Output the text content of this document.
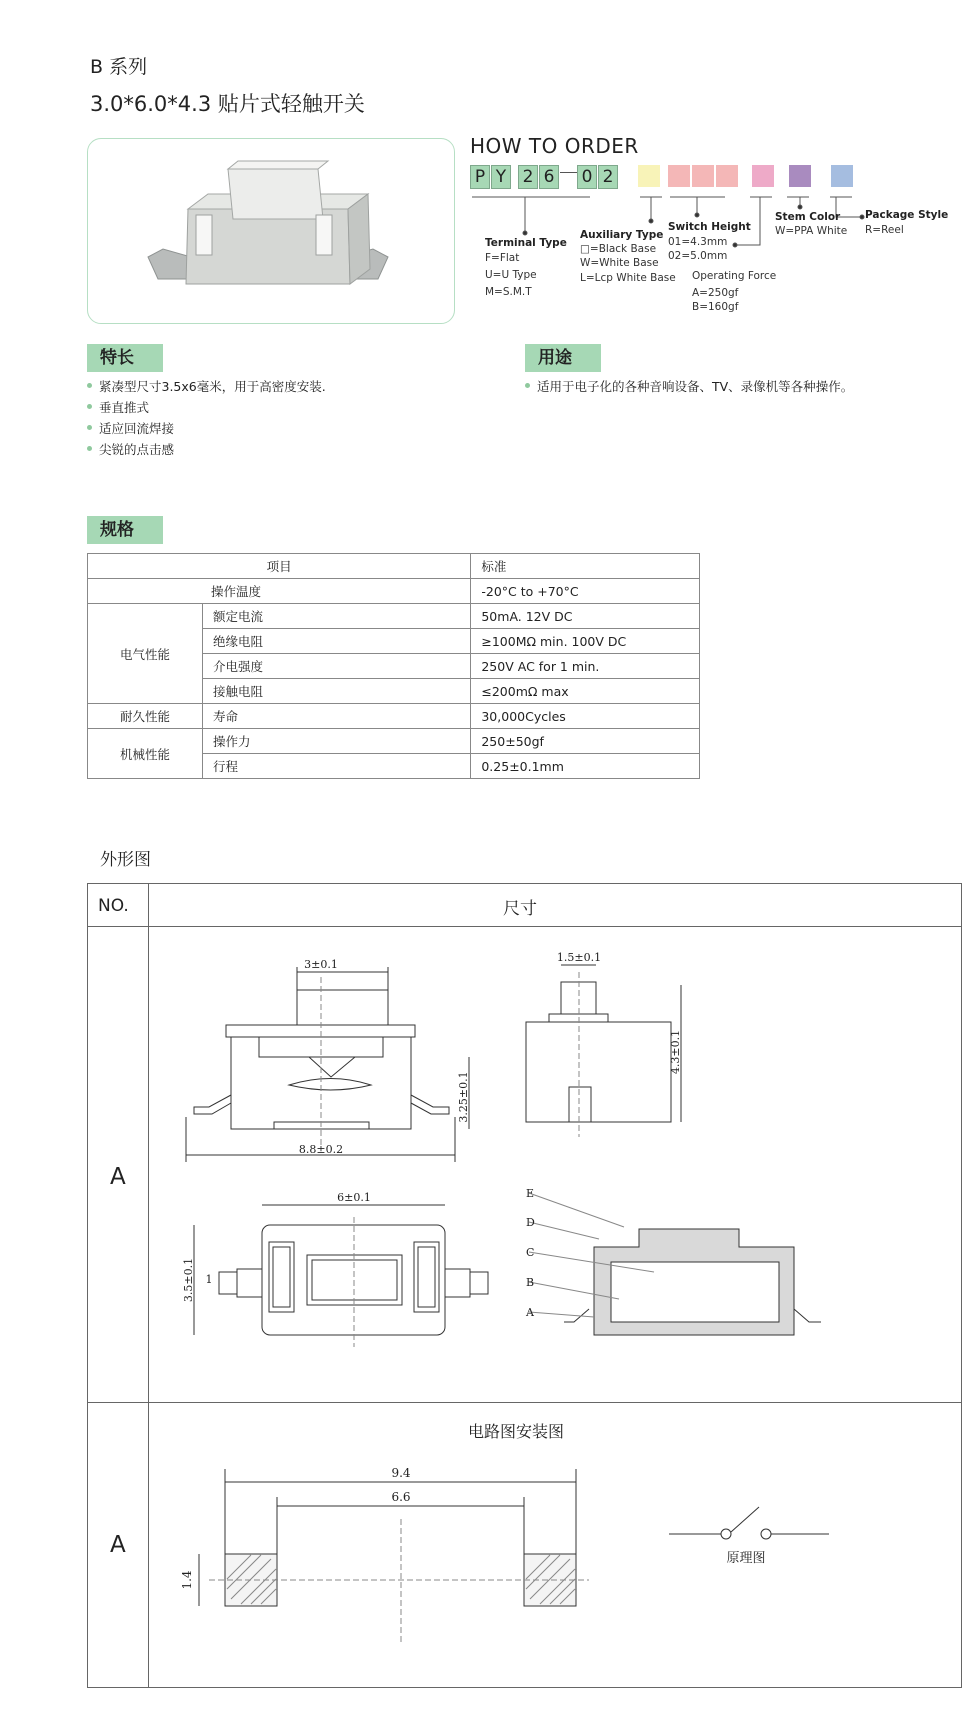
B 系列
3.0*6.0*4.3 贴片式轻触开关
HOW TO ORDER
P Y 2 6 0 2
Terminal Type
F=Flat
U=U Type
M=S.M.T
Auxiliary Type
□=Black Base
W=White Base
L=Lcp White Base
Switch Height
01=4.3mm
02=5.0mm
Operating Force
A=250gf
B=160gf
Stem Color
W=PPA White
Package Style
R=Reel
特长
紧凑型尺寸3.5x6毫米，用于高密度安装.
垂直推式
适应回流焊接
尖锐的点击感
用途
适用于电子化的各种音响设备、TV、录像机等各种操作。
规格
项目		标准
操作温度		-20°C to +70°C
电气性能	额定电流	50mA. 12V DC
	绝缘电阻	≥100MΩ min. 100V DC
	介电强度	250V AC for 1 min.
	接触电阻	≤200mΩ max
耐久性能	寿命	30,000Cycles
机械性能	操作力	250±50gf
	行程	0.25±0.1mm
外形图
NO.	尺寸
A
A
电路图安装图
3±0.1
8.8±0.2
3.25±0.1
1.5±0.1
4.3±0.1
6±0.1
3.5±0.1 1
E
D
C
B
A
9.4
6.6
1.4
原理图
